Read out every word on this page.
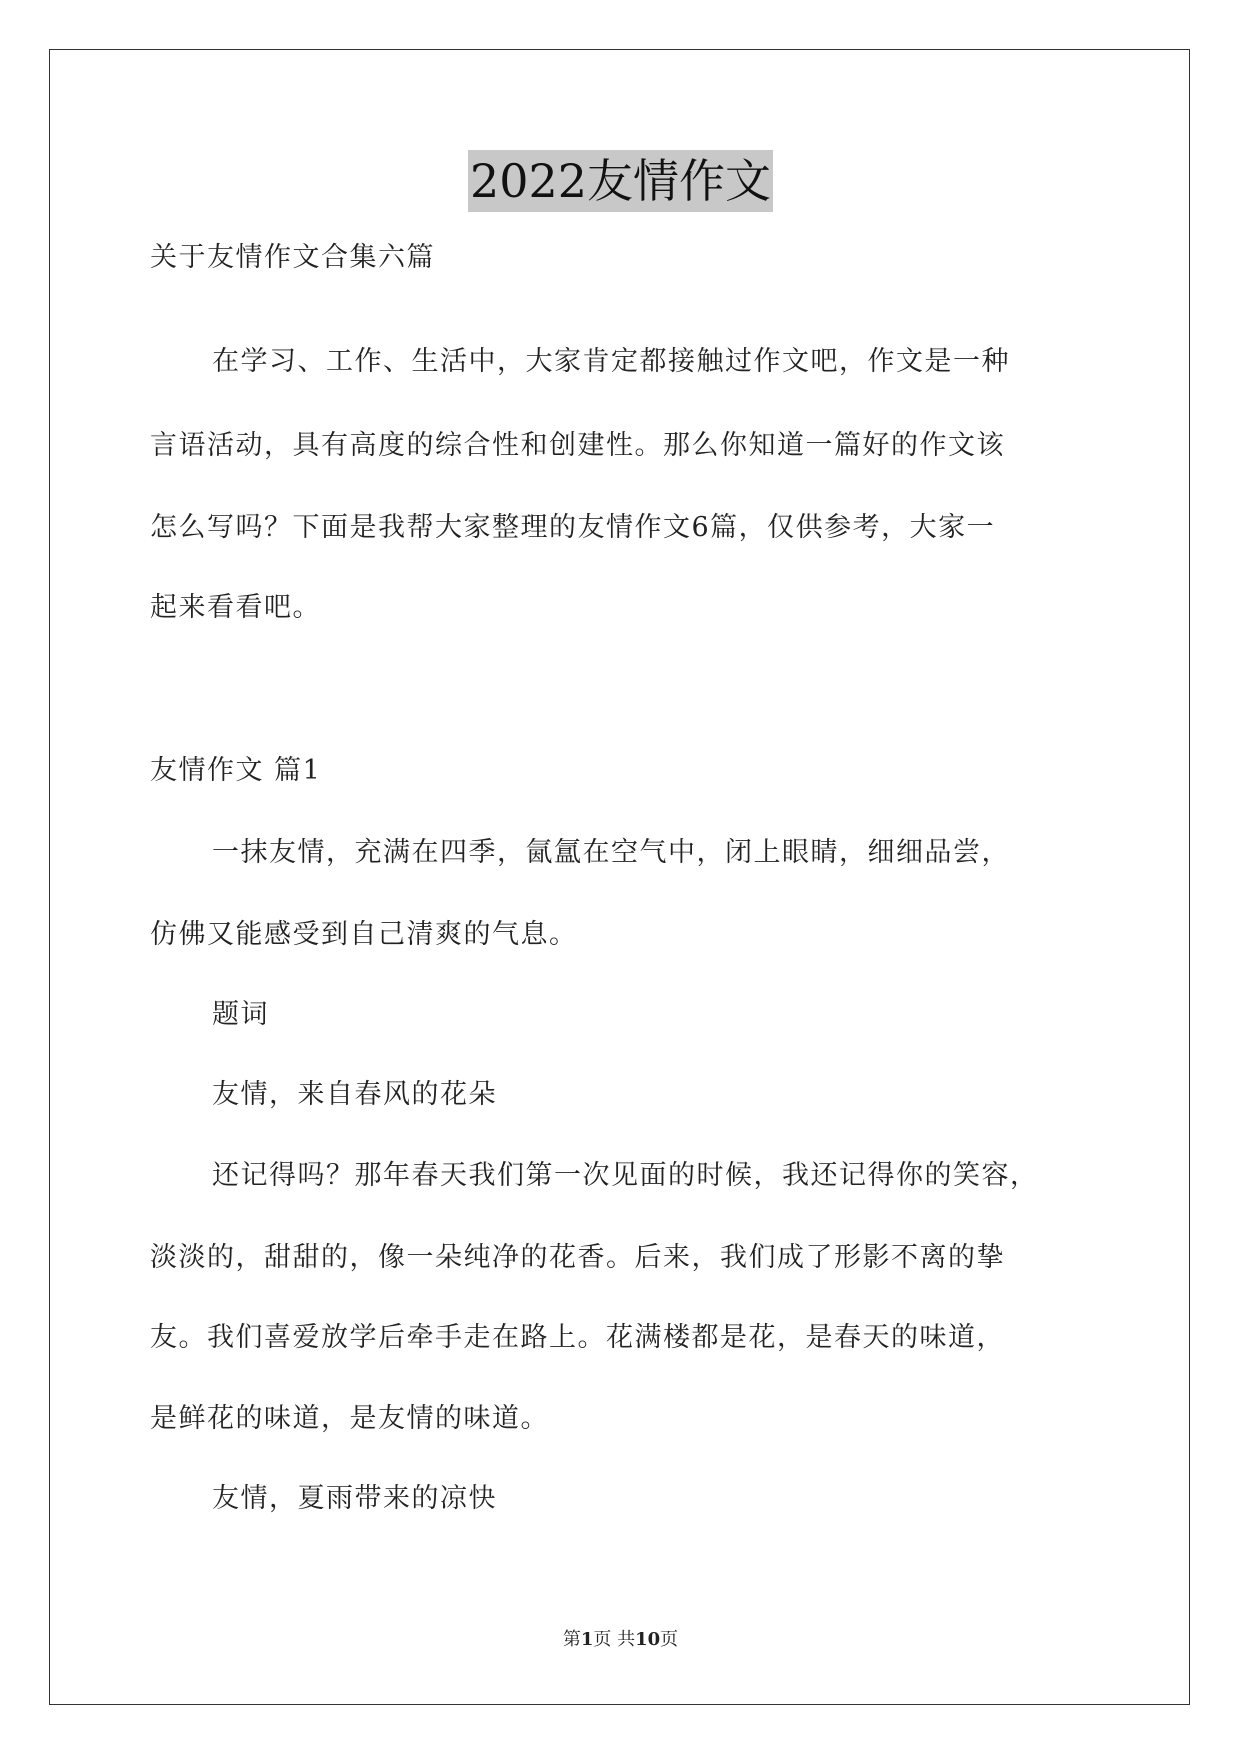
2022友情作文
关于友情作文合集六篇
在学习、工作、生活中，大家肯定都接触过作文吧，作文是一种
言语活动，具有高度的综合性和创建性。那么你知道一篇好的作文该
怎么写吗？下面是我帮大家整理的友情作文6篇，仅供参考，大家一
起来看看吧。
友情作文 篇1
一抹友情，充满在四季，氤氲在空气中，闭上眼睛，细细品尝，
仿佛又能感受到自己清爽的气息。
题词
友情，来自春风的花朵
还记得吗？那年春天我们第一次见面的时候，我还记得你的笑容，
淡淡的，甜甜的，像一朵纯净的花香。后来，我们成了形影不离的挚
友。我们喜爱放学后牵手走在路上。花满楼都是花，是春天的味道，
是鲜花的味道，是友情的味道。
友情，夏雨带来的凉快
第1页 共10页
